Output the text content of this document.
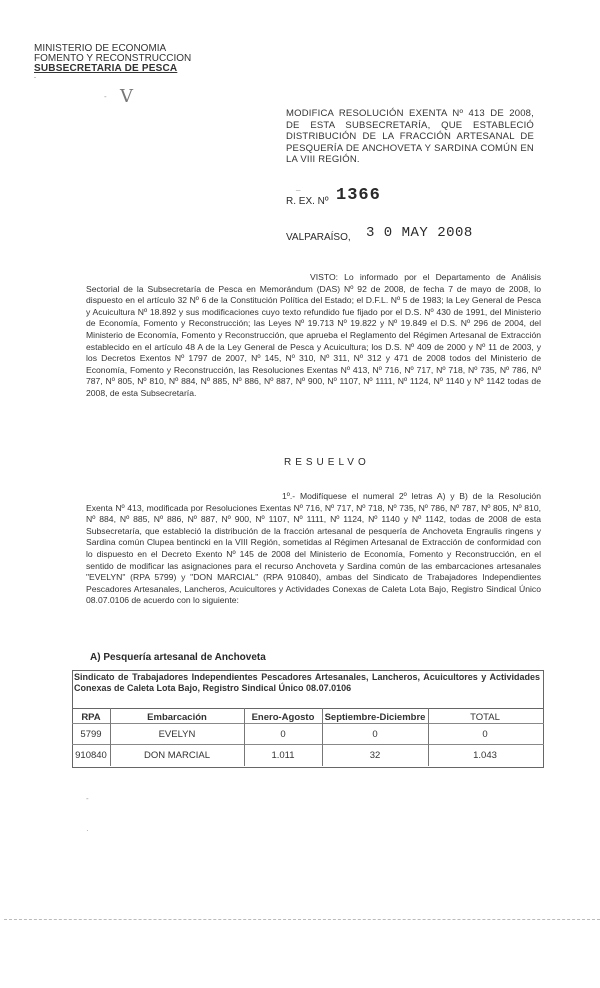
MINISTERIO DE ECONOMIA
FOMENTO Y RECONSTRUCCION
SUBSECRETARIA DE PESCA
-
V
-
MODIFICA RESOLUCIÓN EXENTA Nº 413 DE 2008, DE ESTA SUBSECRETARÍA, QUE ESTABLECIÓ DISTRIBUCIÓN DE LA FRACCIÓN ARTESANAL DE PESQUERÍA DE ANCHOVETA Y SARDINA COMÚN EN LA VIII REGIÓN.
_
R. EX. Nº 1366
VALPARAÍSO, 3 0 MAY 2008
VISTO: Lo informado por el Departamento de Análisis Sectorial de la Subsecretaría de Pesca en Memorándum (DAS) Nº 92 de 2008, de fecha 7 de mayo de 2008, lo dispuesto en el artículo 32 Nº 6 de la Constitución Política del Estado; el D.F.L. Nº 5 de 1983; la Ley General de Pesca y Acuicultura Nº 18.892 y sus modificaciones cuyo texto refundido fue fijado por el D.S. Nº 430 de 1991, del Ministerio de Economía, Fomento y Reconstrucción; las Leyes Nº 19.713 Nº 19.822 y Nº 19.849 el D.S. Nº 296 de 2004, del Ministerio de Economía, Fomento y Reconstrucción, que aprueba el Reglamento del Régimen Artesanal de Extracción establecido en el artículo 48 A de la Ley General de Pesca y Acuicultura; los D.S. Nº 409 de 2000 y Nº 11 de 2003, y los Decretos Exentos Nº 1797 de 2007, Nº 145, Nº 310, Nº 311, Nº 312 y 471 de 2008 todos del Ministerio de Economía, Fomento y Reconstrucción, las Resoluciones Exentas Nº 413, Nº 716, Nº 717, Nº 718, Nº 735, Nº 786, Nº 787, Nº 805, Nº 810, Nº 884, Nº 885, Nº 886, Nº 887, Nº 900, Nº 1107, Nº 1111, Nº 1124, Nº 1140 y Nº 1142 todas de 2008, de esta Subsecretaría.
RESUELVO
1º.- Modifíquese el numeral 2º letras A) y B) de la Resolución Exenta Nº 413, modificada por Resoluciones Exentas Nº 716, Nº 717, Nº 718, Nº 735, Nº 786, Nº 787, Nº 805, Nº 810, Nº 884, Nº 885, Nº 886, Nº 887, Nº 900, Nº 1107, Nº 1111, Nº 1124, Nº 1140 y Nº 1142, todas de 2008 de esta Subsecretaría, que estableció la distribución de la fracción artesanal de pesquería de Anchoveta Engraulis ringens y Sardina común Clupea bentincki en la VIII Región, sometidas al Régimen Artesanal de Extracción de conformidad con lo dispuesto en el Decreto Exento Nº 145 de 2008 del Ministerio de Economía, Fomento y Reconstrucción, en el sentido de modificar las asignaciones para el recurso Anchoveta y Sardina común de las embarcaciones artesanales "EVELYN" (RPA 5799) y "DON MARCIAL" (RPA 910840), ambas del Sindicato de Trabajadores Independientes Pescadores Artesanales, Lancheros, Acuicultores y Actividades Conexas de Caleta Lota Bajo, Registro Sindical Único 08.07.0106 de acuerdo con lo siguiente:
A) Pesquería artesanal de Anchoveta
Sindicato de Trabajadores Independientes Pescadores Artesanales, Lancheros, Acuicultores y Actividades Conexas de Caleta Lota Bajo, Registro Sindical Único 08.07.0106
RPA	Embarcación	Enero-Agosto	Septiembre-Diciembre	TOTAL
5799	EVELYN	0	0	0
910840	DON MARCIAL	1.011	32	1.043
-
·
